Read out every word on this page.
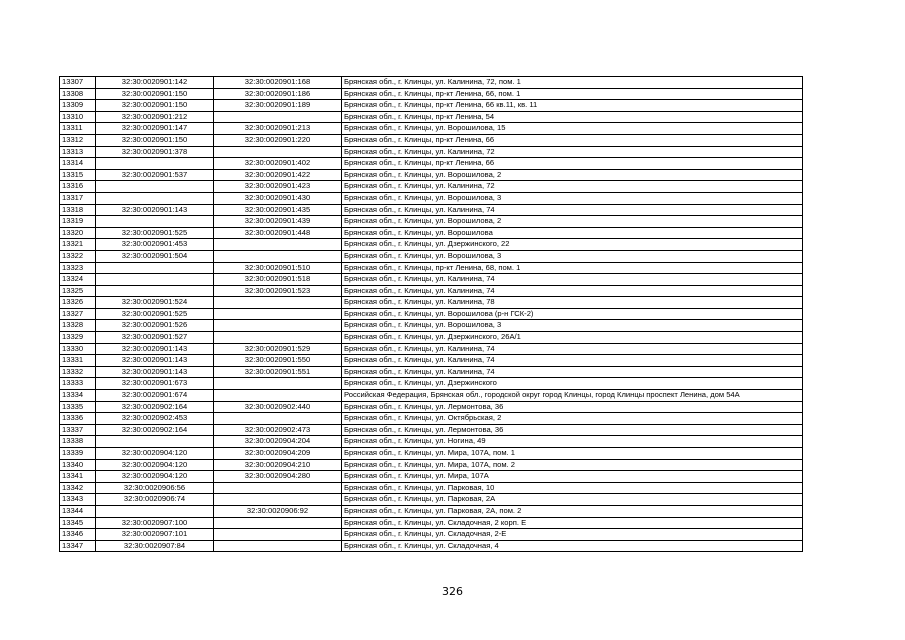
13307	32:30:0020901:142	32:30:0020901:168	Брянская обл., г. Клинцы, ул. Калинина, 72, пом. 1
13308	32:30:0020901:150	32:30:0020901:186	Брянская обл., г. Клинцы, пр-кт Ленина, 66, пом. 1
13309	32:30:0020901:150	32:30:0020901:189	Брянская обл., г. Клинцы, пр-кт Ленина, 66 кв.11, кв. 11
13310	32:30:0020901:212		Брянская обл., г. Клинцы, пр-кт Ленина, 54
13311	32:30:0020901:147	32:30:0020901:213	Брянская обл., г. Клинцы, ул. Ворошилова, 15
13312	32:30:0020901:150	32:30:0020901:220	Брянская обл., г. Клинцы, пр-кт Ленина, 66
13313	32:30:0020901:378		Брянская обл., г. Клинцы, ул. Калинина, 72
13314		32:30:0020901:402	Брянская обл., г. Клинцы, пр-кт Ленина, 66
13315	32:30:0020901:537	32:30:0020901:422	Брянская обл., г. Клинцы, ул. Ворошилова, 2
13316		32:30:0020901:423	Брянская обл., г. Клинцы, ул. Калинина, 72
13317		32:30:0020901:430	Брянская обл., г. Клинцы, ул. Ворошилова, 3
13318	32:30:0020901:143	32:30:0020901:435	Брянская обл., г. Клинцы, ул. Калинина, 74
13319		32:30:0020901:439	Брянская обл., г. Клинцы, ул. Ворошилова, 2
13320	32:30:0020901:525	32:30:0020901:448	Брянская обл., г. Клинцы, ул. Ворошилова
13321	32:30:0020901:453		Брянская обл., г. Клинцы, ул. Дзержинского, 22
13322	32:30:0020901:504		Брянская обл., г. Клинцы, ул. Ворошилова, 3
13323		32:30:0020901:510	Брянская обл., г. Клинцы, пр-кт Ленина, 68, пом. 1
13324		32:30:0020901:518	Брянская обл., г. Клинцы, ул. Калинина, 74
13325		32:30:0020901:523	Брянская обл., г. Клинцы, ул. Калинина, 74
13326	32:30:0020901:524		Брянская обл., г. Клинцы, ул. Калинина, 78
13327	32:30:0020901:525		Брянская обл., г. Клинцы, ул. Ворошилова (р-н ГСК-2)
13328	32:30:0020901:526		Брянская обл., г. Клинцы, ул. Ворошилова, 3
13329	32:30:0020901:527		Брянская обл., г. Клинцы, ул. Дзержинского, 26А/1
13330	32:30:0020901:143	32:30:0020901:529	Брянская обл., г. Клинцы, ул. Калинина, 74
13331	32:30:0020901:143	32:30:0020901:550	Брянская обл., г. Клинцы, ул. Калинина, 74
13332	32:30:0020901:143	32:30:0020901:551	Брянская обл., г. Клинцы, ул. Калинина, 74
13333	32:30:0020901:673		Брянская обл., г. Клинцы, ул. Дзержинского
13334	32:30:0020901:674		Российская Федерация, Брянская обл., городской округ город Клинцы, город Клинцы проспект Ленина, дом 54А
13335	32:30:0020902:164	32:30:0020902:440	Брянская обл., г. Клинцы, ул. Лермонтова, 36
13336	32:30:0020902:453		Брянская обл., г. Клинцы, ул. Октябрьская, 2
13337	32:30:0020902:164	32:30:0020902:473	Брянская обл., г. Клинцы, ул. Лермонтова, 36
13338		32:30:0020904:204	Брянская обл., г. Клинцы, ул. Ногина, 49
13339	32:30:0020904:120	32:30:0020904:209	Брянская обл., г. Клинцы, ул. Мира, 107А, пом. 1
13340	32:30:0020904:120	32:30:0020904:210	Брянская обл., г. Клинцы, ул. Мира, 107А, пом. 2
13341	32:30:0020904:120	32:30:0020904:280	Брянская обл., г. Клинцы, ул. Мира, 107А
13342	32:30:0020906:56		Брянская обл., г. Клинцы, ул. Парковая, 10
13343	32:30:0020906:74		Брянская обл., г. Клинцы, ул. Парковая, 2А
13344		32:30:0020906:92	Брянская обл., г. Клинцы, ул. Парковая, 2А, пом. 2
13345	32:30:0020907:100		Брянская обл., г. Клинцы, ул. Складочная, 2 корп. Е
13346	32:30:0020907:101		Брянская обл., г. Клинцы, ул. Складочная, 2-Е
13347	32:30:0020907:84		Брянская обл., г. Клинцы, ул. Складочная, 4
326
